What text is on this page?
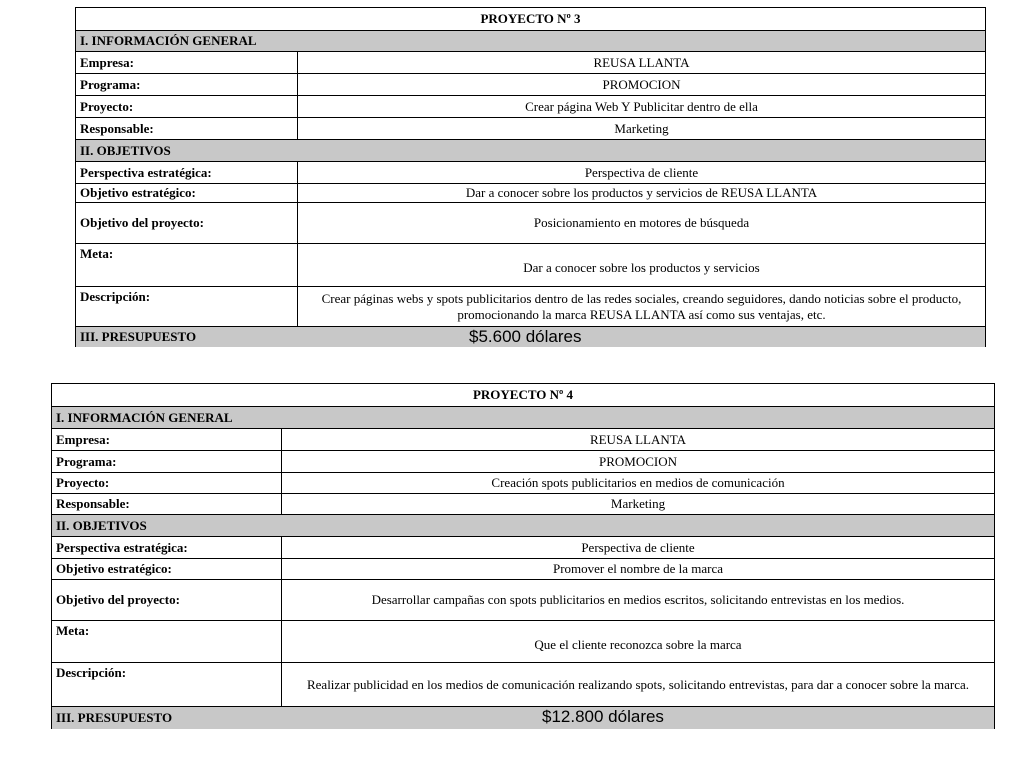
PROYECTO Nº 3
I. INFORMACIÓN GENERAL
Empresa:	REUSA LLANTA
Programa:	PROMOCION
Proyecto:	Crear página Web Y Publicitar dentro de ella
Responsable:	Marketing
II. OBJETIVOS
Perspectiva estratégica:	Perspectiva de cliente
Objetivo estratégico:	Dar a conocer sobre los productos y servicios de REUSA LLANTA
Objetivo del proyecto:	Posicionamiento en motores de búsqueda
Meta:
Dar a conocer sobre los productos y servicios
Descripción:	Crear páginas webs y spots publicitarios dentro de las redes sociales, creando seguidores, dando noticias sobre el producto, promocionando la marca REUSA LLANTA así como sus ventajas, etc.
III. PRESUPUESTO	$5.600 dólares
PROYECTO Nº 4
I. INFORMACIÓN GENERAL
Empresa:	REUSA LLANTA
Programa:	PROMOCION
Proyecto:	Creación spots publicitarios en medios de comunicación
Responsable:	Marketing
II. OBJETIVOS
Perspectiva estratégica:	Perspectiva de cliente
Objetivo estratégico:	Promover el nombre de la marca
Objetivo del proyecto:	Desarrollar campañas con spots publicitarios en medios escritos, solicitando entrevistas en los medios.
Meta:
Que el cliente reconozca sobre la marca
Descripción:
Realizar publicidad en los medios de comunicación realizando spots, solicitando entrevistas, para dar a conocer sobre la marca.
III. PRESUPUESTO	$12.800 dólares
